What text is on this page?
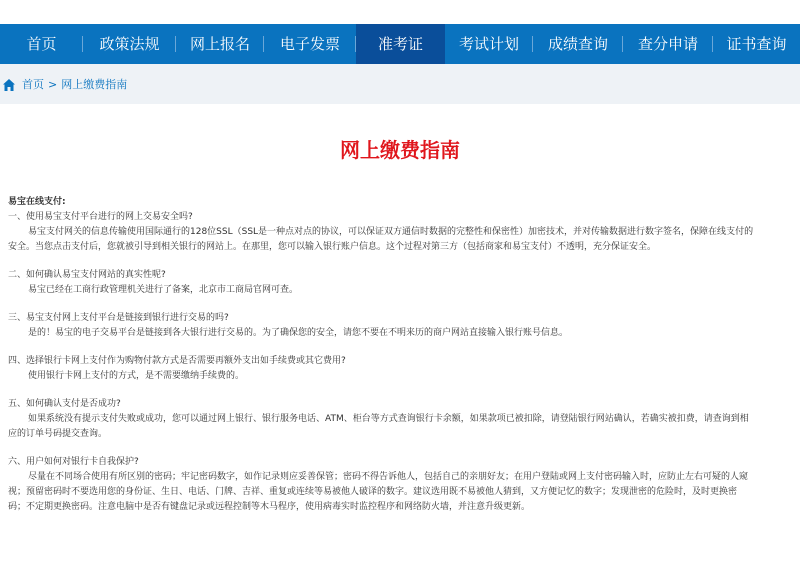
首页	政策法规	网上报名	电子发票	准考证	考试计划	成绩查询	查分申请	证书查询
首页 > 网上缴费指南
网上缴费指南

易宝在线支付:

一、使用易宝支付平台进行的网上交易安全吗?

易宝支付网关的信息传输使用国际通行的128位SSL（SSL是一种点对点的协议，可以保证双方通信时数据的完整性和保密性）加密技术，并对传输数据进行数字签名，保障在线支付的

安全。当您点击支付后，您就被引导到相关银行的网站上。在那里，您可以输入银行账户信息。这个过程对第三方（包括商家和易宝支付）不透明，充分保证安全。

二、如何确认易宝支付网站的真实性呢?

易宝已经在工商行政管理机关进行了备案，北京市工商局官网可查。

三、易宝支付网上支付平台是链接到银行进行交易的吗?

是的！易宝的电子交易平台是链接到各大银行进行交易的。为了确保您的安全，请您不要在不明来历的商户网站直接输入银行账号信息。

四、选择银行卡网上支付作为购物付款方式是否需要再额外支出如手续费或其它费用?

使用银行卡网上支付的方式，是不需要缴纳手续费的。

五、如何确认支付是否成功?

如果系统没有提示支付失败或成功，您可以通过网上银行、银行服务电话、ATM、柜台等方式查询银行卡余额，如果款项已被扣除，请登陆银行网站确认，若确实被扣费，请查询到相

应的订单号码提交查询。

六、用户如何对银行卡自我保护?

尽量在不同场合使用有所区别的密码；牢记密码数字，如作记录则应妥善保管；密码不得告诉他人，包括自己的亲朋好友；在用户登陆或网上支付密码输入时，应防止左右可疑的人窥

视；预留密码时不要选用您的身份证、生日、电话、门牌、吉祥、重复或连续等易被他人破译的数字。建议选用既不易被他人猜到，又方便记忆的数字；发现泄密的危险时，及时更换密

码；不定期更换密码。注意电脑中是否有键盘记录或远程控制等木马程序，使用病毒实时监控程序和网络防火墙，并注意升级更新。
